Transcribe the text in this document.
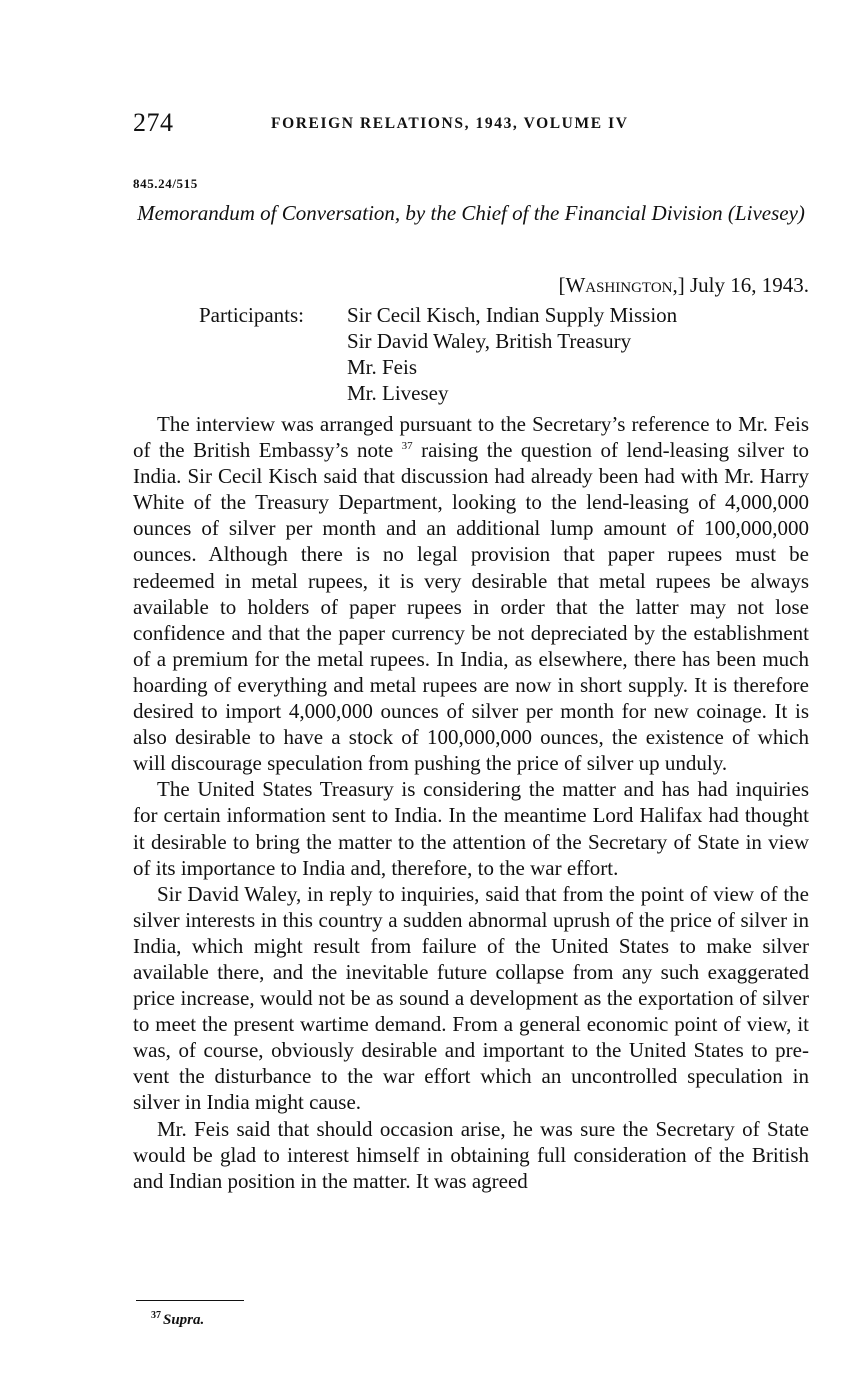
274	FOREIGN RELATIONS, 1943, VOLUME IV
845.24/515
Memorandum of Conversation, by the Chief of the Financial Division (Livesey)
[Washington,] July 16, 1943.
Participants: Sir Cecil Kisch, Indian Supply Mission
Sir David Waley, British Treasury
Mr. Feis
Mr. Livesey

The interview was arranged pursuant to the Secretary’s reference to Mr. Feis of the British Embassy’s note $^{37}$ raising the question of lend-leasing silver to India. Sir Cecil Kisch said that discussion had already been had with Mr. Harry White of the Treasury Department, looking to the lend-leasing of 4,000,000 ounces of silver per month and an additional lump amount of 100,000,000 ounces. Although there is no legal provision that paper rupees must be redeemed in metal rupees, it is very desirable that metal rupees be always available to holders of paper rupees in order that the latter may not lose confidence and that the paper currency be not depreciated by the establishment of a premium for the metal rupees. In India, as elsewhere, there has been much hoarding of everything and metal rupees are now in short supply. It is therefore desired to import 4,000,000 ounces of silver per month for new coinage. It is also desirable to have a stock of 100,000,000 ounces, the existence of which will discourage speculation from pushing the price of silver up unduly.

The United States Treasury is considering the matter and has had inquiries for certain information sent to India. In the meantime Lord Halifax had thought it desirable to bring the matter to the attention of the Secretary of State in view of its importance to India and, therefore, to the war effort.

Sir David Waley, in reply to inquiries, said that from the point of view of the silver interests in this country a sudden abnormal uprush of the price of silver in India, which might result from failure of the United States to make silver available there, and the inevitable future collapse from any such exaggerated price increase, would not be as sound a development as the exportation of silver to meet the present wartime demand. From a general economic point of view, it was, of course, obviously desirable and important to the United States to prevent the disturbance to the war effort which an uncontrolled speculation in silver in India might cause.

Mr. Feis said that should occasion arise, he was sure the Secretary of State would be glad to interest himself in obtaining full consideration of the British and Indian position in the matter. It was agreed

$^{37}$ Supra.
